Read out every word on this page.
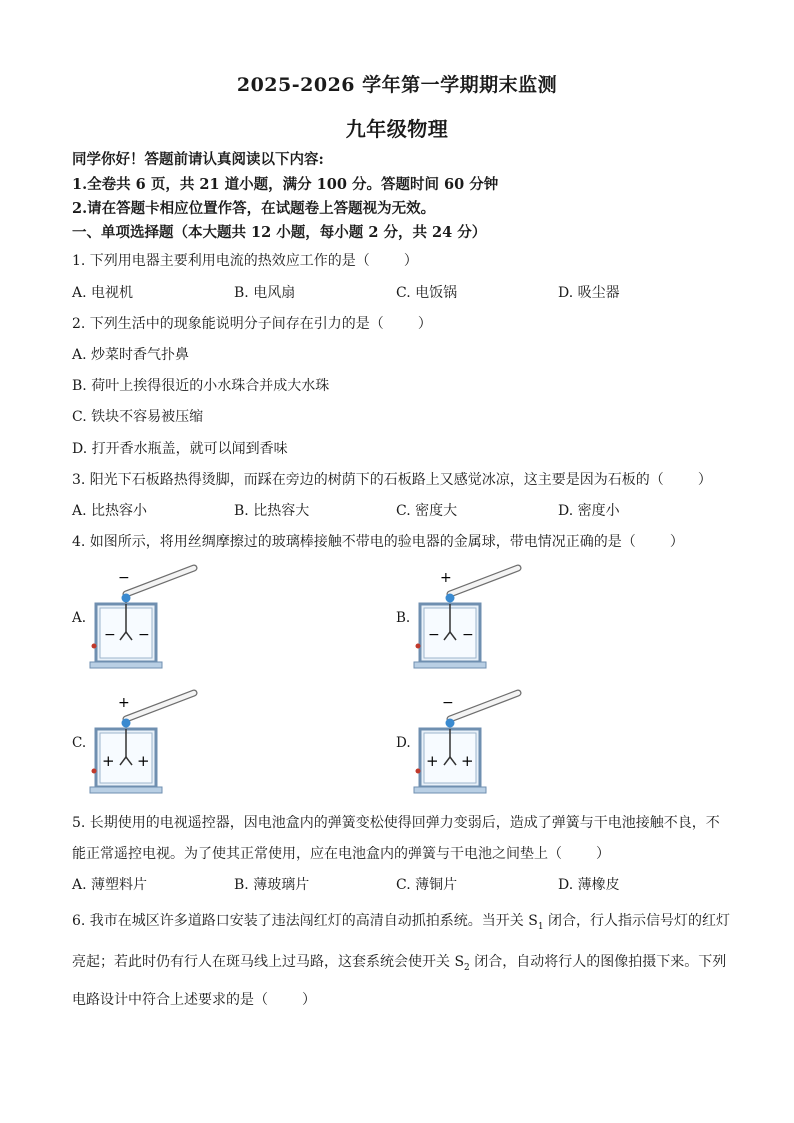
2025-2026 学年第一学期期末监测
九年级物理
同学你好！答题前请认真阅读以下内容:
1.全卷共 6 页，共 21 道小题，满分 100 分。答题时间 60 分钟
2.请在答题卡相应位置作答，在试题卷上答题视为无效。
一、单项选择题（本大题共 12 小题，每小题 2 分，共 24 分）
1. 下列用电器主要利用电流的热效应工作的是（ ）
A. 电视机	B. 电风扇	C. 电饭锅	D. 吸尘器
2. 下列生活中的现象能说明分子间存在引力的是（ ）
A. 炒菜时香气扑鼻
B. 荷叶上挨得很近的小水珠合并成大水珠
C. 铁块不容易被压缩
D. 打开香水瓶盖，就可以闻到香味
3. 阳光下石板路热得烫脚，而踩在旁边的树荫下的石板路上又感觉冰凉，这主要是因为石板的（ ）
A. 比热容小	B. 比热容大	C. 密度大	D. 密度小
4. 如图所示，将用丝绸摩擦过的玻璃棒接触不带电的验电器的金属球，带电情况正确的是（ ）
A.	B.
C.	D.
−
− −
+
− −
+
+ +
−
+ +
5. 长期使用的电视遥控器，因电池盒内的弹簧变松使得回弹力变弱后，造成了弹簧与干电池接触不良，不
能正常遥控电视。为了使其正常使用，应在电池盒内的弹簧与干电池之间垫上（ ）
A. 薄塑料片	B. 薄玻璃片	C. 薄铜片	D. 薄橡皮
6. 我市在城区许多道路口安装了违法闯红灯的高清自动抓拍系统。当开关 $S_1$ 闭合，行人指示信号灯的红灯
亮起；若此时仍有行人在斑马线上过马路，这套系统会使开关 $S_2$ 闭合，自动将行人的图像拍摄下来。下列
电路设计中符合上述要求的是（ ）
